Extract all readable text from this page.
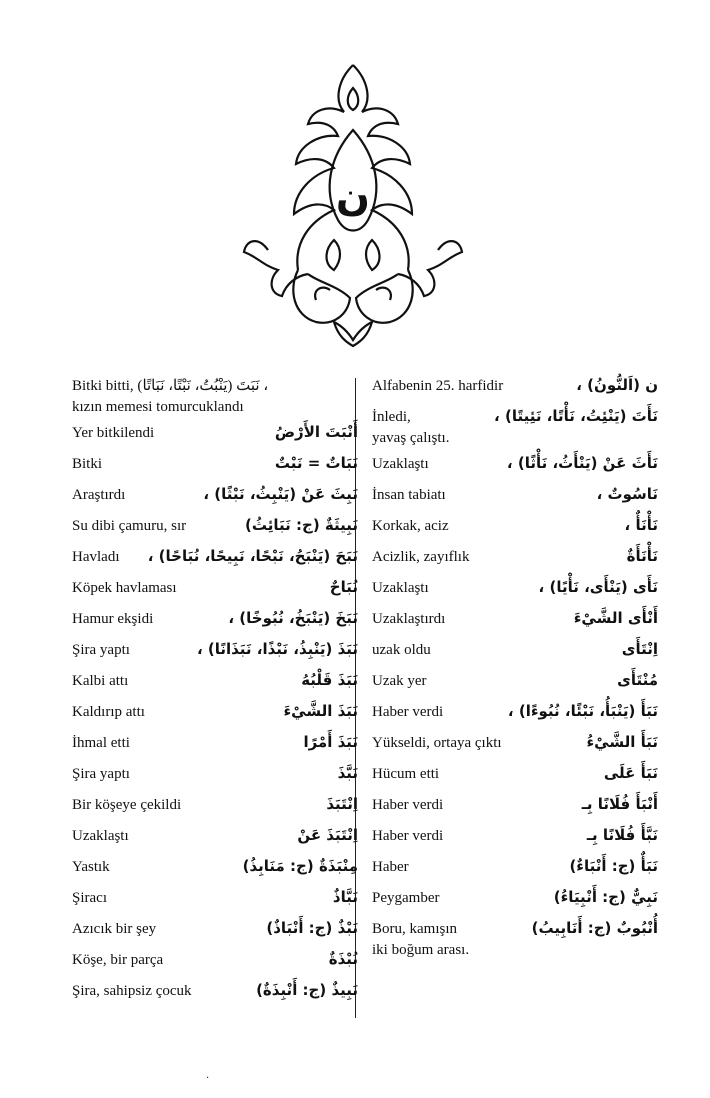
ن
Bitki bitti, (نَبَتَ (يَنْبُتُ، نَبْتًا، نَبَاتًا ،
kızın memesi tomurcuklandı
Yer bitkilendi	أَنْبَتَ الأَرْضُ
Bitki	نَبَاتٌ = نَبْتٌ
Araştırdı	نَبِثَ عَنْ (يَنْبِثُ، نَبْثًا) ،
Su dibi çamuru, sır	نَبِيثَةٌ (ج: نَبَائِثُ)
Havladı نَبَحَ (يَنْبَحُ، نَبْحًا، نَبِيحًا، نُبَاحًا) ،
Köpek havlaması	نُبَاحٌ
Hamur ekşidi	نَبَخَ (يَنْبَخُ، نُبُوخًا) ،
Şira yaptı	نَبَذَ (يَنْبِذُ، نَبْذًا، نَبَذَانًا) ،
Kalbi attı	نَبَذَ قَلْبُهُ
Kaldırıp attı	نَبَذَ الشَّيْءَ
İhmal etti	نَبَذَ أَمْرًا
Şira yaptı	نَبَّذَ
Bir köşeye çekildi	اِنْتَبَذَ
Uzaklaştı	اِنْتَبَذَ عَنْ
Yastık	مِنْبَذَةٌ (ج: مَنَابِذُ)
Şiracı	نَبَّاذٌ
Azıcık bir şey	نَبْذٌ (ج: أَنْبَاذٌ)
Köşe, bir parça	نُبْذَةٌ
Şira, sahipsiz çocuk	نَبِيذٌ (ج: أَنْبِذَةٌ)
Alfabenin 25. harfidir	ن (اَلنُّونُ) ،
İnledi,	نَأَتَ (يَنْئِتُ، نَأْتًا، نَئِيتًا) ،
yavaş çalıştı.
Uzaklaştı	نَأَثَ عَنْ (يَنْأَثُ، نَأْثًا) ،
İnsan tabiatı	نَاسُوتٌ ،
Korkak, aciz	نَأْنَأٌ ،
Acizlik, zayıflık	نَأْنَأَةٌ
Uzaklaştı	نَأَى (يَنْأَى، نَأْيًا) ،
Uzaklaştırdı	أَنْأَى الشَّيْءَ
uzak oldu	اِنْتَأَى
Uzak yer	مُنْتَأَى
Haber verdi	نَبَأَ (يَنْبَأُ، نَبْئًا، نُبُوءًا) ،
Yükseldi, ortaya çıktı	نَبَأَ الشَّيْءُ
Hücum etti	نَبَأَ عَلَى
Haber verdi	أَنْبَأَ فُلَانًا بِـ
Haber verdi	نَبَّأَ فُلَانًا بِـ
Haber	نَبَأٌ (ج: أَنْبَاءٌ)
Peygamber	نَبِيٌّ (ج: أَنْبِيَاءُ)
Boru, kamışın	أُنْبُوبٌ (ج: أَنَابِيبُ)
iki boğum arası.
.
